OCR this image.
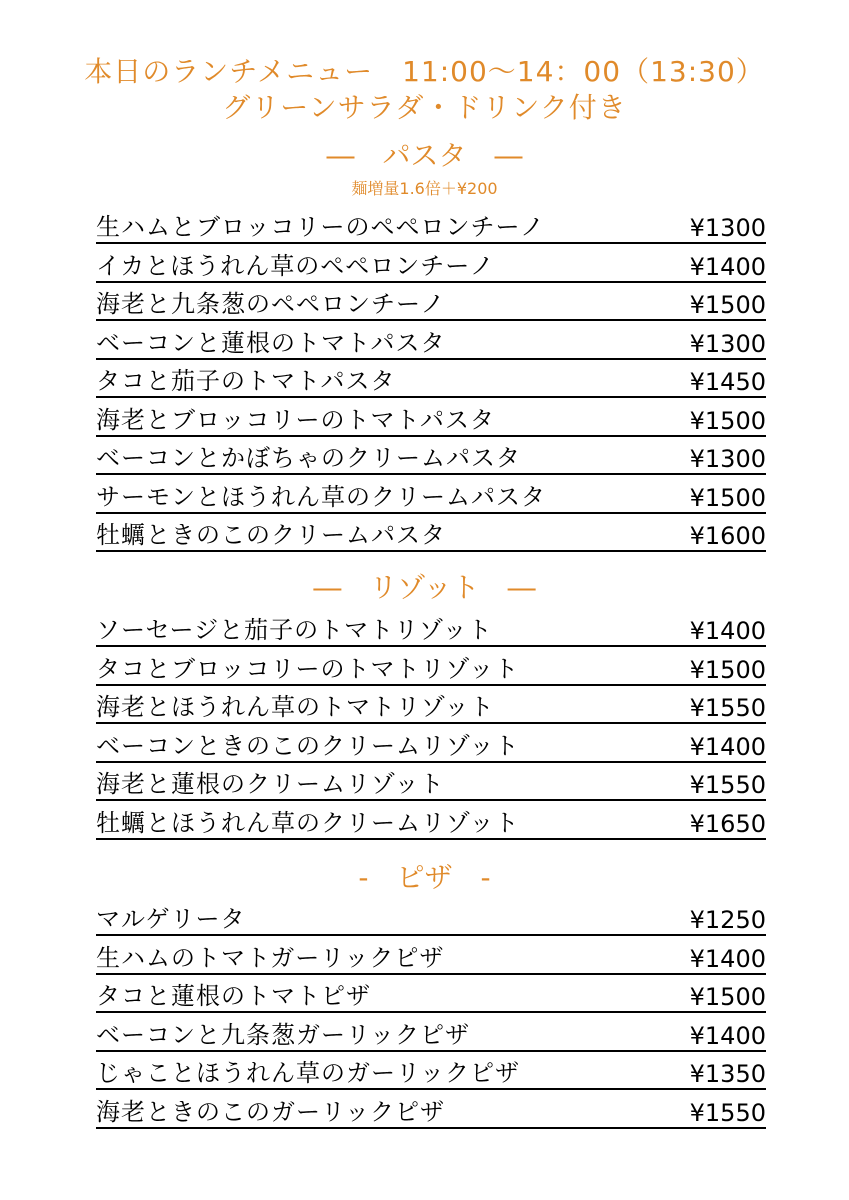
本日のランチメニュー　11:00～14：00（13:30）
グリーンサラダ・ドリンク付き
―　パスタ　―
麺増量1.6倍＋¥200
生ハムとブロッコリーのペペロンチーノ	¥1300
イカとほうれん草のペペロンチーノ	¥1400
海老と九条葱のペペロンチーノ	¥1500
ベーコンと蓮根のトマトパスタ	¥1300
タコと茄子のトマトパスタ	¥1450
海老とブロッコリーのトマトパスタ	¥1500
ベーコンとかぼちゃのクリームパスタ	¥1300
サーモンとほうれん草のクリームパスタ	¥1500
牡蠣ときのこのクリームパスタ	¥1600
―　リゾット　―
ソーセージと茄子のトマトリゾット	¥1400
タコとブロッコリーのトマトリゾット	¥1500
海老とほうれん草のトマトリゾット	¥1550
ベーコンときのこのクリームリゾット	¥1400
海老と蓮根のクリームリゾット	¥1550
牡蠣とほうれん草のクリームリゾット	¥1650
-　ピザ　-
マルゲリータ	¥1250
生ハムのトマトガーリックピザ	¥1400
タコと蓮根のトマトピザ	¥1500
ベーコンと九条葱ガーリックピザ	¥1400
じゃことほうれん草のガーリックピザ	¥1350
海老ときのこのガーリックピザ	¥1550
